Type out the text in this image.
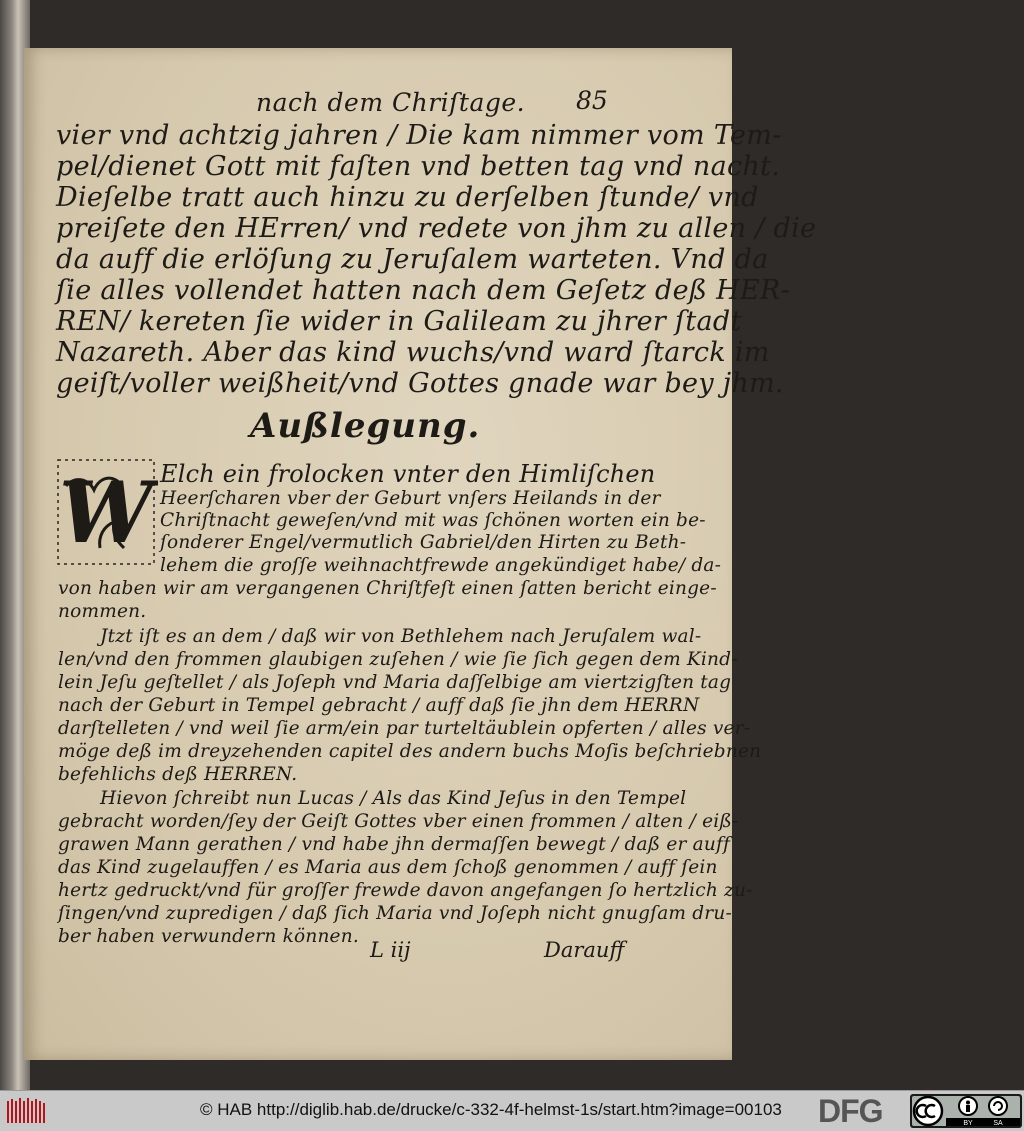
nach dem Chriſtage. 85
vier vnd achtzig jahren / Die kam nimmer vom Tem-
pel/dienet Gott mit faſten vnd betten tag vnd nacht.
Dieſelbe tratt auch hinzu zu derſelben ſtunde/ vnd
preiſete den HErren/ vnd redete von jhm zu allen / die
da auff die erlöſung zu Jeruſalem warteten. Vnd da
ſie alles vollendet hatten nach dem Geſetz deß HER-
REN/ kereten ſie wider in Galileam zu jhrer ſtadt
Nazareth. Aber das kind wuchs/vnd ward ſtarck im
geiſt/voller weißheit/vnd Gottes gnade war bey jhm.
Außlegung.
W Elch ein frolocken vnter den Himliſchen
Heerſcharen vber der Geburt vnſers Heilands in der
Chriſtnacht geweſen/vnd mit was ſchönen worten ein be-
ſonderer Engel/vermutlich Gabriel/den Hirten zu Beth-
lehem die groſſe weihnachtfrewde angekündiget habe/ da-
von haben wir am vergangenen Chriſtfeſt einen ſatten bericht einge-
nommen.
Jtzt iſt es an dem / daß wir von Bethlehem nach Jeruſalem wal-
len/vnd den frommen glaubigen zuſehen / wie ſie ſich gegen dem Kind-
lein Jeſu geſtellet / als Joſeph vnd Maria daſſelbige am viertzigſten tag
nach der Geburt in Tempel gebracht / auff daß ſie jhn dem HERRN
darſtelleten / vnd weil ſie arm/ein par turteltäublein opferten / alles ver-
möge deß im dreyzehenden capitel des andern buchs Moſis beſchriebnen
befehlichs deß HERREN.
Hievon ſchreibt nun Lucas / Als das Kind Jeſus in den Tempel
gebracht worden/ſey der Geiſt Gottes vber einen frommen / alten / eiß-
grawen Mann gerathen / vnd habe jhn dermaſſen bewegt / daß er auff
das Kind zugelauffen / es Maria aus dem ſchoß genommen / auff ſein
hertz gedruckt/vnd für groſſer frewde davon angefangen ſo hertzlich zu-
ſingen/vnd zupredigen / daß ſich Maria vnd Joſeph nicht gnugſam dru-
ber haben verwundern können.
L iij	Darauff
© HAB http://diglib.hab.de/drucke/c-332-4f-helmst-1s/start.htm?image=00103 DFG	BY	SA
